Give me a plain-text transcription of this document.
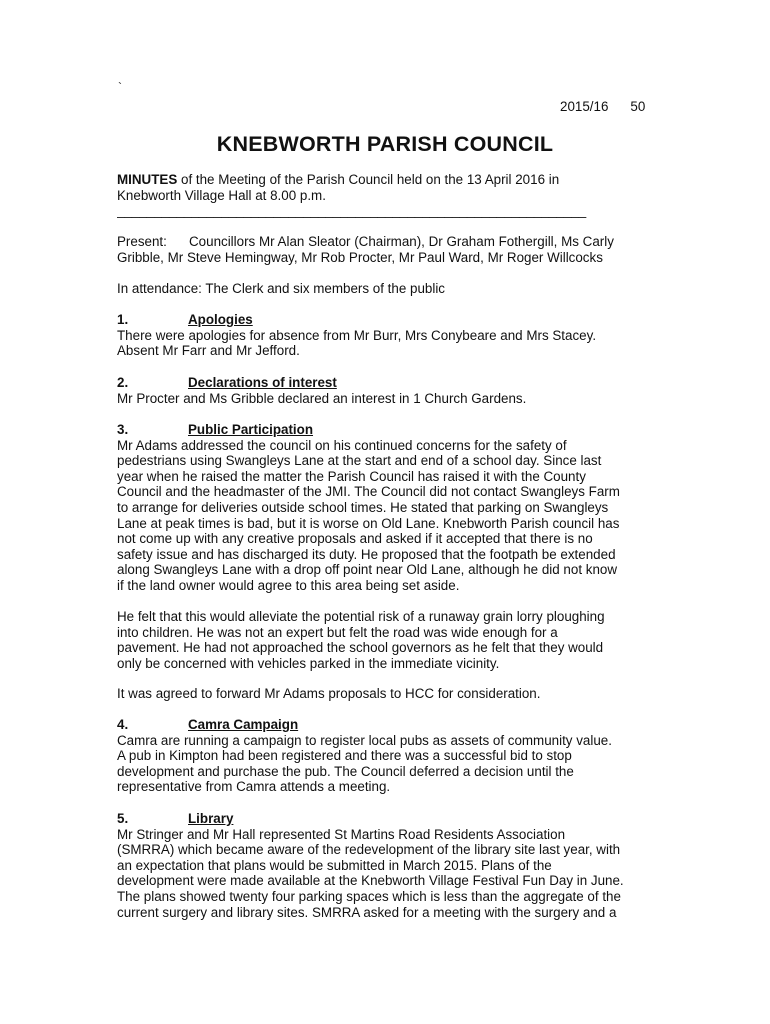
`
2015/16 50
KNEBWORTH PARISH COUNCIL

MINUTES of the Meeting of the Parish Council held on the 13 April 2016 in

Knebworth Village Hall at 8.00 p.m.

_______________________________________________________________

Present: Councillors Mr Alan Sleator (Chairman), Dr Graham Fothergill, Ms Carly

Gribble, Mr Steve Hemingway, Mr Rob Procter, Mr Paul Ward, Mr Roger Willcocks

In attendance: The Clerk and six members of the public
1.	Apologies

There were apologies for absence from Mr Burr, Mrs Conybeare and Mrs Stacey.

Absent Mr Farr and Mr Jefford.

2.	Declarations of interest

Mr Procter and Ms Gribble declared an interest in 1 Church Gardens.

3.	Public Participation

Mr Adams addressed the council on his continued concerns for the safety of

pedestrians using Swangleys Lane at the start and end of a school day. Since last

year when he raised the matter the Parish Council has raised it with the County

Council and the headmaster of the JMI. The Council did not contact Swangleys Farm

to arrange for deliveries outside school times. He stated that parking on Swangleys

Lane at peak times is bad, but it is worse on Old Lane. Knebworth Parish council has

not come up with any creative proposals and asked if it accepted that there is no

safety issue and has discharged its duty. He proposed that the footpath be extended

along Swangleys Lane with a drop off point near Old Lane, although he did not know

if the land owner would agree to this area being set aside.

He felt that this would alleviate the potential risk of a runaway grain lorry ploughing

into children. He was not an expert but felt the road was wide enough for a

pavement. He had not approached the school governors as he felt that they would

only be concerned with vehicles parked in the immediate vicinity.

It was agreed to forward Mr Adams proposals to HCC for consideration.
4.	Camra Campaign

Camra are running a campaign to register local pubs as assets of community value.

A pub in Kimpton had been registered and there was a successful bid to stop

development and purchase the pub. The Council deferred a decision until the

representative from Camra attends a meeting.

5.	Library

Mr Stringer and Mr Hall represented St Martins Road Residents Association

(SMRRA) which became aware of the redevelopment of the library site last year, with

an expectation that plans would be submitted in March 2015. Plans of the

development were made available at the Knebworth Village Festival Fun Day in June.

The plans showed twenty four parking spaces which is less than the aggregate of the

current surgery and library sites. SMRRA asked for a meeting with the surgery and a
